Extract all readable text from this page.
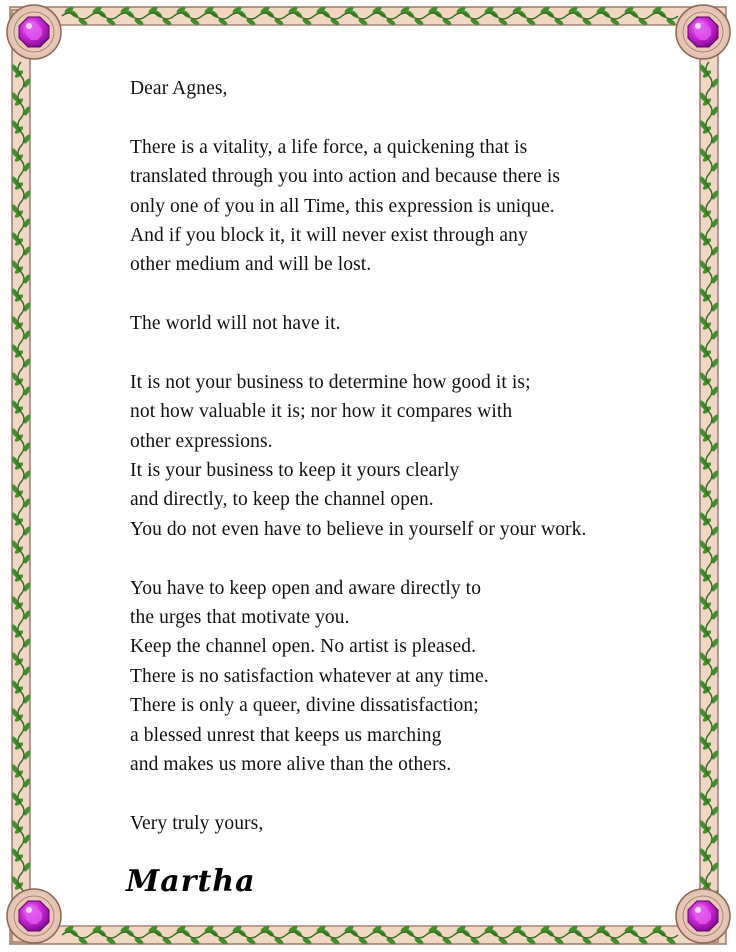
Dear Agnes,
There is a vitality, a life force, a quickening that is
translated through you into action and because there is
only one of you in all Time, this expression is unique.
And if you block it, it will never exist through any
other medium and will be lost.
The world will not have it.
It is not your business to determine how good it is;
not how valuable it is; nor how it compares with
other expressions.
It is your business to keep it yours clearly
and directly, to keep the channel open.
You do not even have to believe in yourself or your work.
You have to keep open and aware directly to
the urges that motivate you.
Keep the channel open. No artist is pleased.
There is no satisfaction whatever at any time.
There is only a queer, divine dissatisfaction;
a blessed unrest that keeps us marching
and makes us more alive than the others.
Very truly yours,
Martha
